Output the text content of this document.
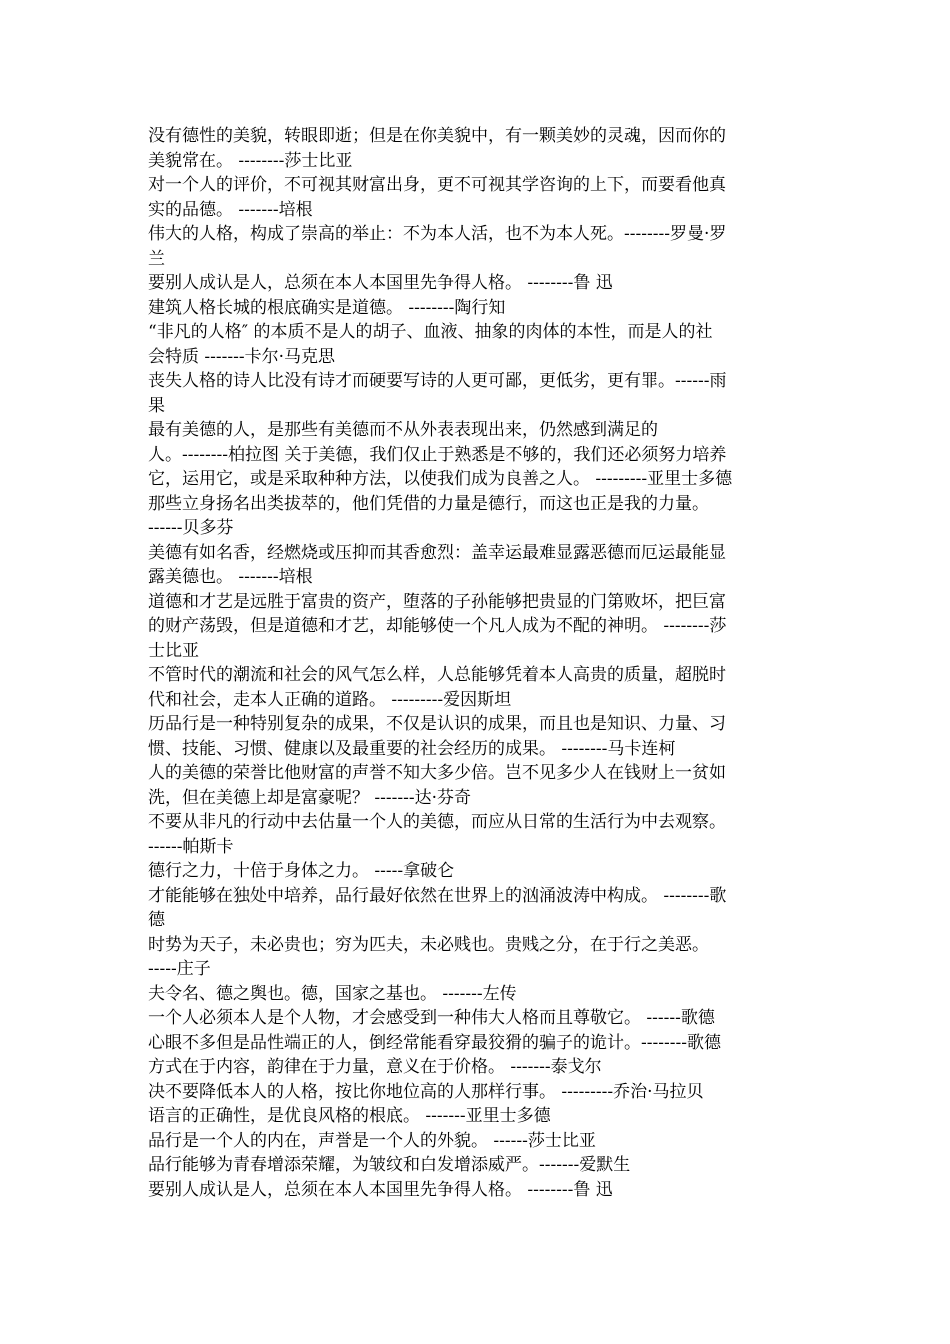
没有德性的美貌，转眼即逝；但是在你美貌中，有一颗美妙的灵魂，因而你的
美貌常在。 --------莎士比亚
对一个人的评价，不可视其财富出身，更不可视其学咨询的上下，而要看他真
实的品德。 -------培根
伟大的人格，构成了崇高的举止：不为本人活，也不为本人死。--------罗曼·罗
兰
要别人成认是人，总须在本人本国里先争得人格。 --------鲁 迅
建筑人格长城的根底确实是道德。 --------陶行知
“非凡的人格″ 的本质不是人的胡子、血液、抽象的肉体的本性，而是人的社
会特质 -------卡尔·马克思
丧失人格的诗人比没有诗才而硬要写诗的人更可鄙，更低劣，更有罪。------雨
果
最有美德的人，是那些有美德而不从外表表现出来，仍然感到满足的
人。--------柏拉图 关于美德，我们仅止于熟悉是不够的，我们还必须努力培养
它，运用它，或是采取种种方法，以使我们成为良善之人。 ---------亚里士多德
那些立身扬名出类拔萃的，他们凭借的力量是德行，而这也正是我的力量。
------贝多芬
美德有如名香，经燃烧或压抑而其香愈烈：盖幸运最难显露恶德而厄运最能显
露美德也。 -------培根
道德和才艺是远胜于富贵的资产，堕落的子孙能够把贵显的门第败坏，把巨富
的财产荡毁，但是道德和才艺，却能够使一个凡人成为不配的神明。 --------莎
士比亚
不管时代的潮流和社会的风气怎么样，人总能够凭着本人高贵的质量，超脱时
代和社会，走本人正确的道路。 ---------爱因斯坦
历品行是一种特别复杂的成果，不仅是认识的成果，而且也是知识、力量、习
惯、技能、习惯、健康以及最重要的社会经历的成果。 --------马卡连柯
人的美德的荣誉比他财富的声誉不知大多少倍。岂不见多少人在钱财上一贫如
洗，但在美德上却是富豪呢？ -------达·芬奇
不要从非凡的行动中去估量一个人的美德，而应从日常的生活行为中去观察。
------帕斯卡
德行之力，十倍于身体之力。 -----拿破仑
才能能够在独处中培养，品行最好依然在世界上的汹涌波涛中构成。 --------歌
德
时势为天子，未必贵也；穷为匹夫，未必贱也。贵贱之分，在于行之美恶。
-----庄子
夫令名、德之舆也。德，国家之基也。 -------左传
一个人必须本人是个人物，才会感受到一种伟大人格而且尊敬它。 ------歌德
心眼不多但是品性端正的人，倒经常能看穿最狡猾的骗子的诡计。--------歌德
方式在于内容，韵律在于力量，意义在于价格。 -------泰戈尔
决不要降低本人的人格，按比你地位高的人那样行事。 ---------乔治·马拉贝
语言的正确性，是优良风格的根底。 -------亚里士多德
品行是一个人的内在，声誉是一个人的外貌。 ------莎士比亚
品行能够为青春增添荣耀，为皱纹和白发增添威严。-------爱默生
要别人成认是人，总须在本人本国里先争得人格。 --------鲁 迅
